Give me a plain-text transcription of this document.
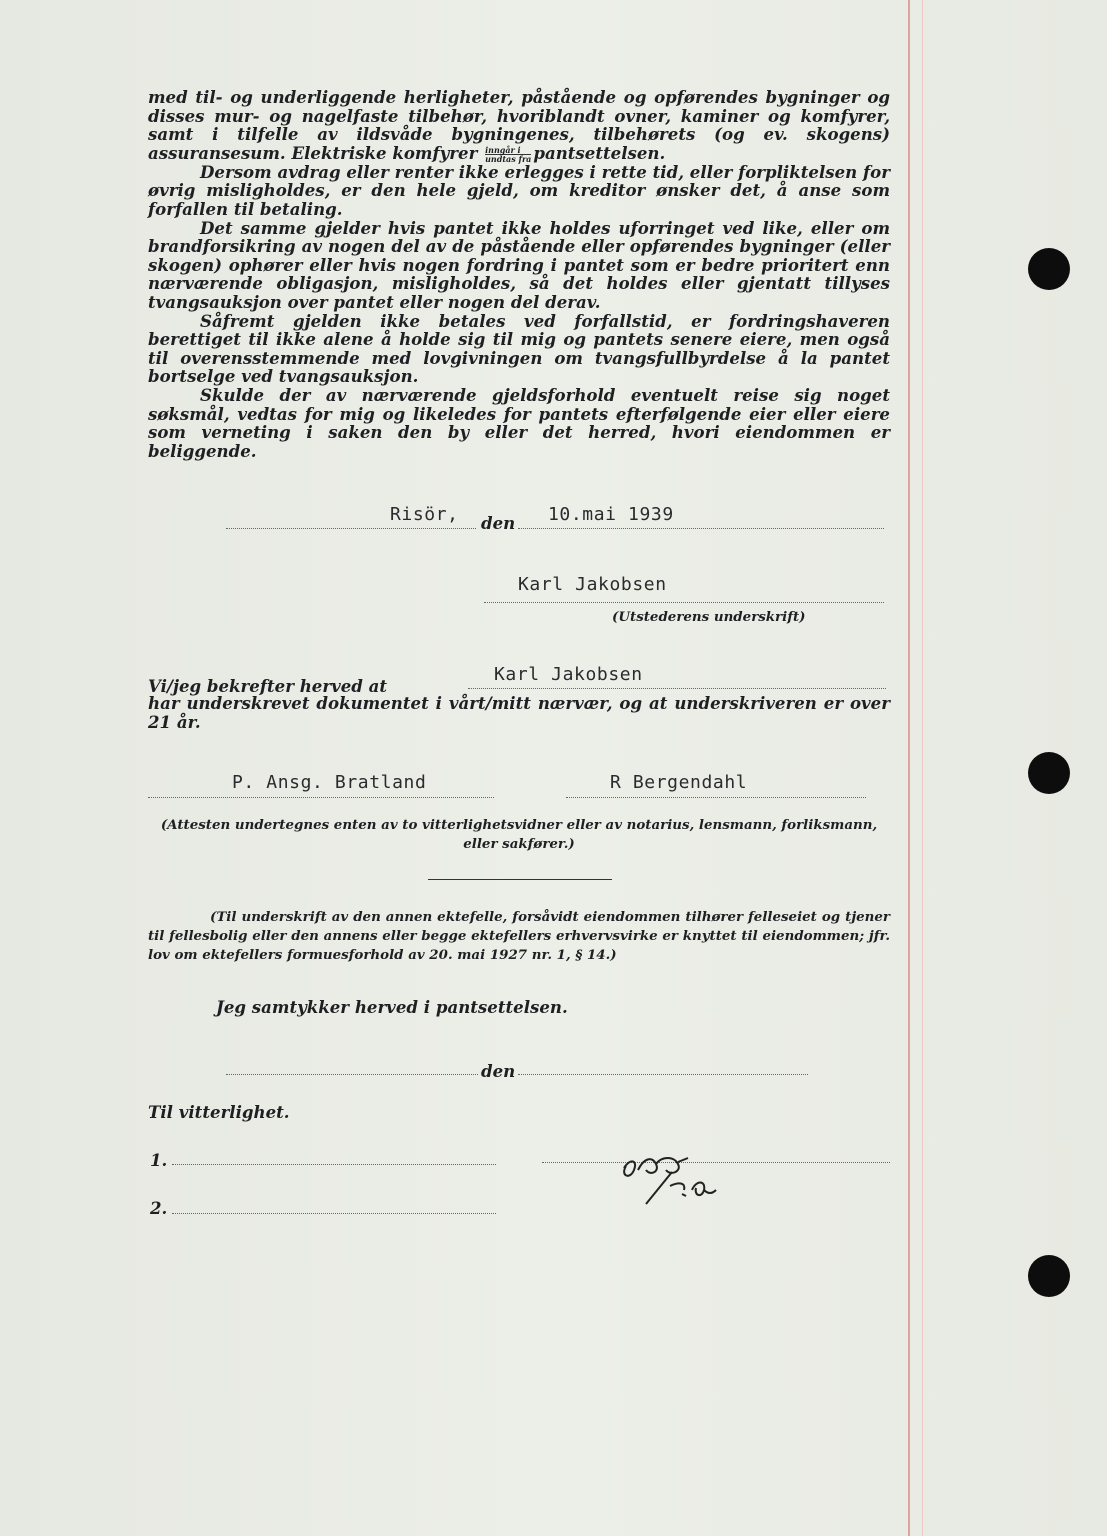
med til- og underliggende herligheter, påstående og opførendes bygninger og disses mur- og nagelfaste tilbehør, hvoriblandt ovner, kaminer og komfyrer, samt i tilfelle av ildsvåde bygningenes, tilbehørets (og ev. skogens) assuransesum. Elektriske komfyrer $\frac{\text{inngår i}}{\text{undtas fra}}$ pantsettelsen.

Dersom avdrag eller renter ikke erlegges i rette tid, eller forpliktelsen for øvrig misligholdes, er den hele gjeld, om kreditor ønsker det, å anse som forfallen til betaling.

Det samme gjelder hvis pantet ikke holdes uforringet ved like, eller om brandforsikring av nogen del av de påstående eller opførendes bygninger (eller skogen) ophører eller hvis nogen fordring i pantet som er bedre prioritert enn nærværende obligasjon, misligholdes, så det holdes eller gjentatt tillyses tvangsauksjon over pantet eller nogen del derav.

Såfremt gjelden ikke betales ved forfallstid, er fordringshaveren berettiget til ikke alene å holde sig til mig og pantets senere eiere, men også til overensstemmende med lovgivningen om tvangsfullbyrdelse å la pantet bortselge ved tvangsauksjon.

Skulde der av nærværende gjeldsforhold eventuelt reise sig noget søksmål, vedtas for mig og likeledes for pantets efterfølgende eier eller eiere som verneting i saken den by eller det herred, hvori eiendommen er beliggende.

Risör, den 10.mai 1939
Karl Jakobsen
(Utstederens underskrift)
Vi/jeg bekrefter herved at
Karl Jakobsen
har underskrevet dokumentet i vårt/mitt nærvær, og at underskriveren er over 21 år.
P. Ansg. Bratland	R Bergendahl
(Attesten undertegnes enten av to vitterlighetsvidner eller av notarius, lensmann, forliksmann, eller sakfører.)
(Til underskrift av den annen ektefelle, forsåvidt eiendommen tilhører felleseiet og tjener til fellesbolig eller den annens eller begge ektefellers erhvervsvirke er knyttet til eiendommen; jfr. lov om ektefellers formuesforhold av 20. mai 1927 nr. 1, § 14.)
Jeg samtykker herved i pantsettelsen.
den
Til vitterlighet.
1.
2.
